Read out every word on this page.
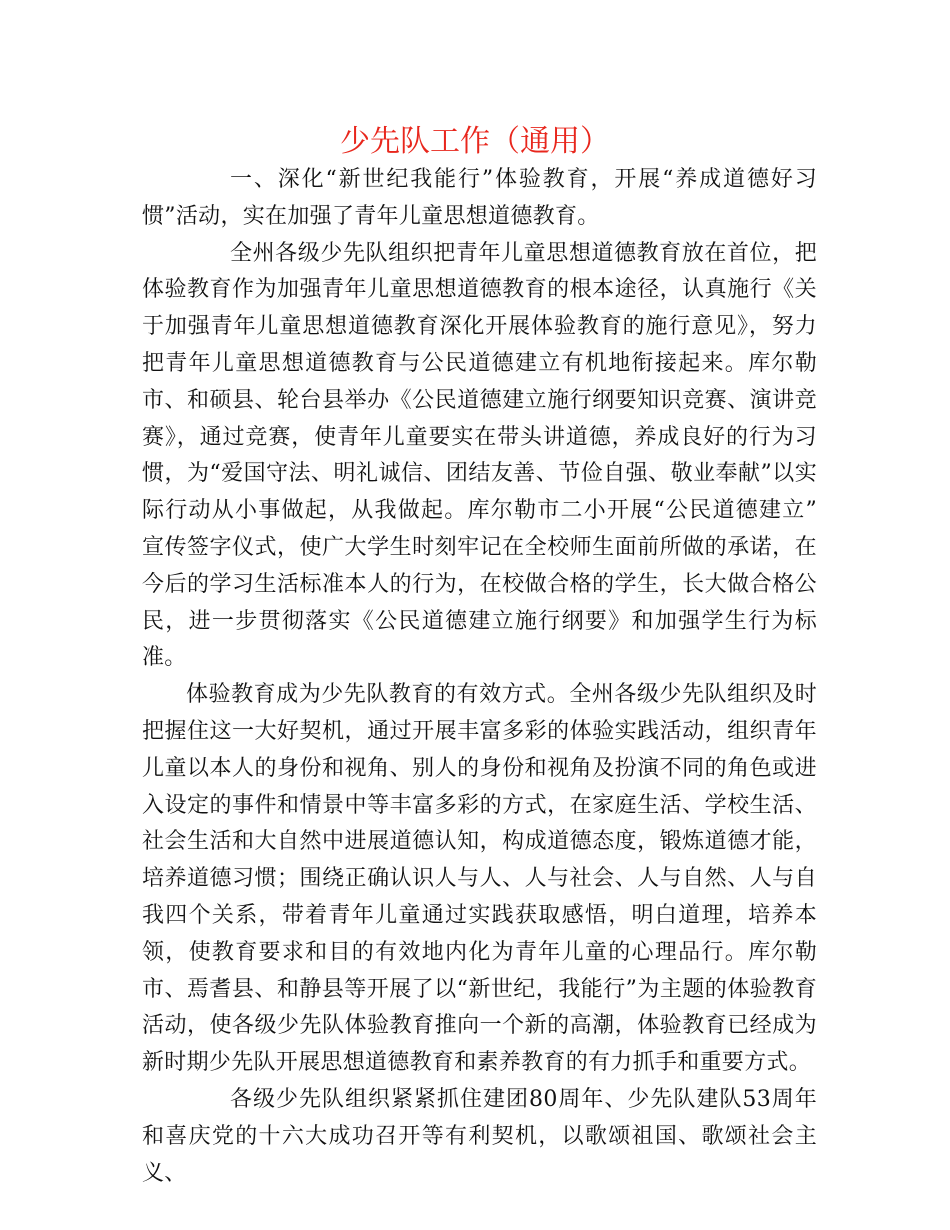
少先队工作（通用）

一、深化“新世纪我能行”体验教育，开展“养成道德好习惯”活动，实在加强了青年儿童思想道德教育。

全州各级少先队组织把青年儿童思想道德教育放在首位，把体验教育作为加强青年儿童思想道德教育的根本途径，认真施行《关于加强青年儿童思想道德教育深化开展体验教育的施行意见》，努力把青年儿童思想道德教育与公民道德建立有机地衔接起来。库尔勒市、和硕县、轮台县举办《公民道德建立施行纲要知识竞赛、演讲竞赛》，通过竞赛，使青年儿童要实在带头讲道德，养成良好的行为习惯，为“爱国守法、明礼诚信、团结友善、节俭自强、敬业奉献”以实际行动从小事做起，从我做起。库尔勒市二小开展“公民道德建立” 宣传签字仪式，使广大学生时刻牢记在全校师生面前所做的承诺，在今后的学习生活标准本人的行为，在校做合格的学生，长大做合格公民，进一步贯彻落实《公民道德建立施行纲要》和加强学生行为标准。

体验教育成为少先队教育的有效方式。全州各级少先队组织及时把握住这一大好契机，通过开展丰富多彩的体验实践活动，组织青年儿童以本人的身份和视角、别人的身份和视角及扮演不同的角色或进入设定的事件和情景中等丰富多彩的方式，在家庭生活、学校生活、社会生活和大自然中进展道德认知，构成道德态度，锻炼道德才能，培养道德习惯；围绕正确认识人与人、人与社会、人与自然、人与自我四个关系，带着青年儿童通过实践获取感悟，明白道理，培养本领，使教育要求和目的有效地内化为青年儿童的心理品行。库尔勒市、焉耆县、和静县等开展了以“新世纪，我能行”为主题的体验教育活动，使各级少先队体验教育推向一个新的高潮，体验教育已经成为新时期少先队开展思想道德教育和素养教育的有力抓手和重要方式。

各级少先队组织紧紧抓住建团80周年、少先队建队53周年和喜庆党的十六大成功召开等有利契机，以歌颂祖国、歌颂社会主义、
